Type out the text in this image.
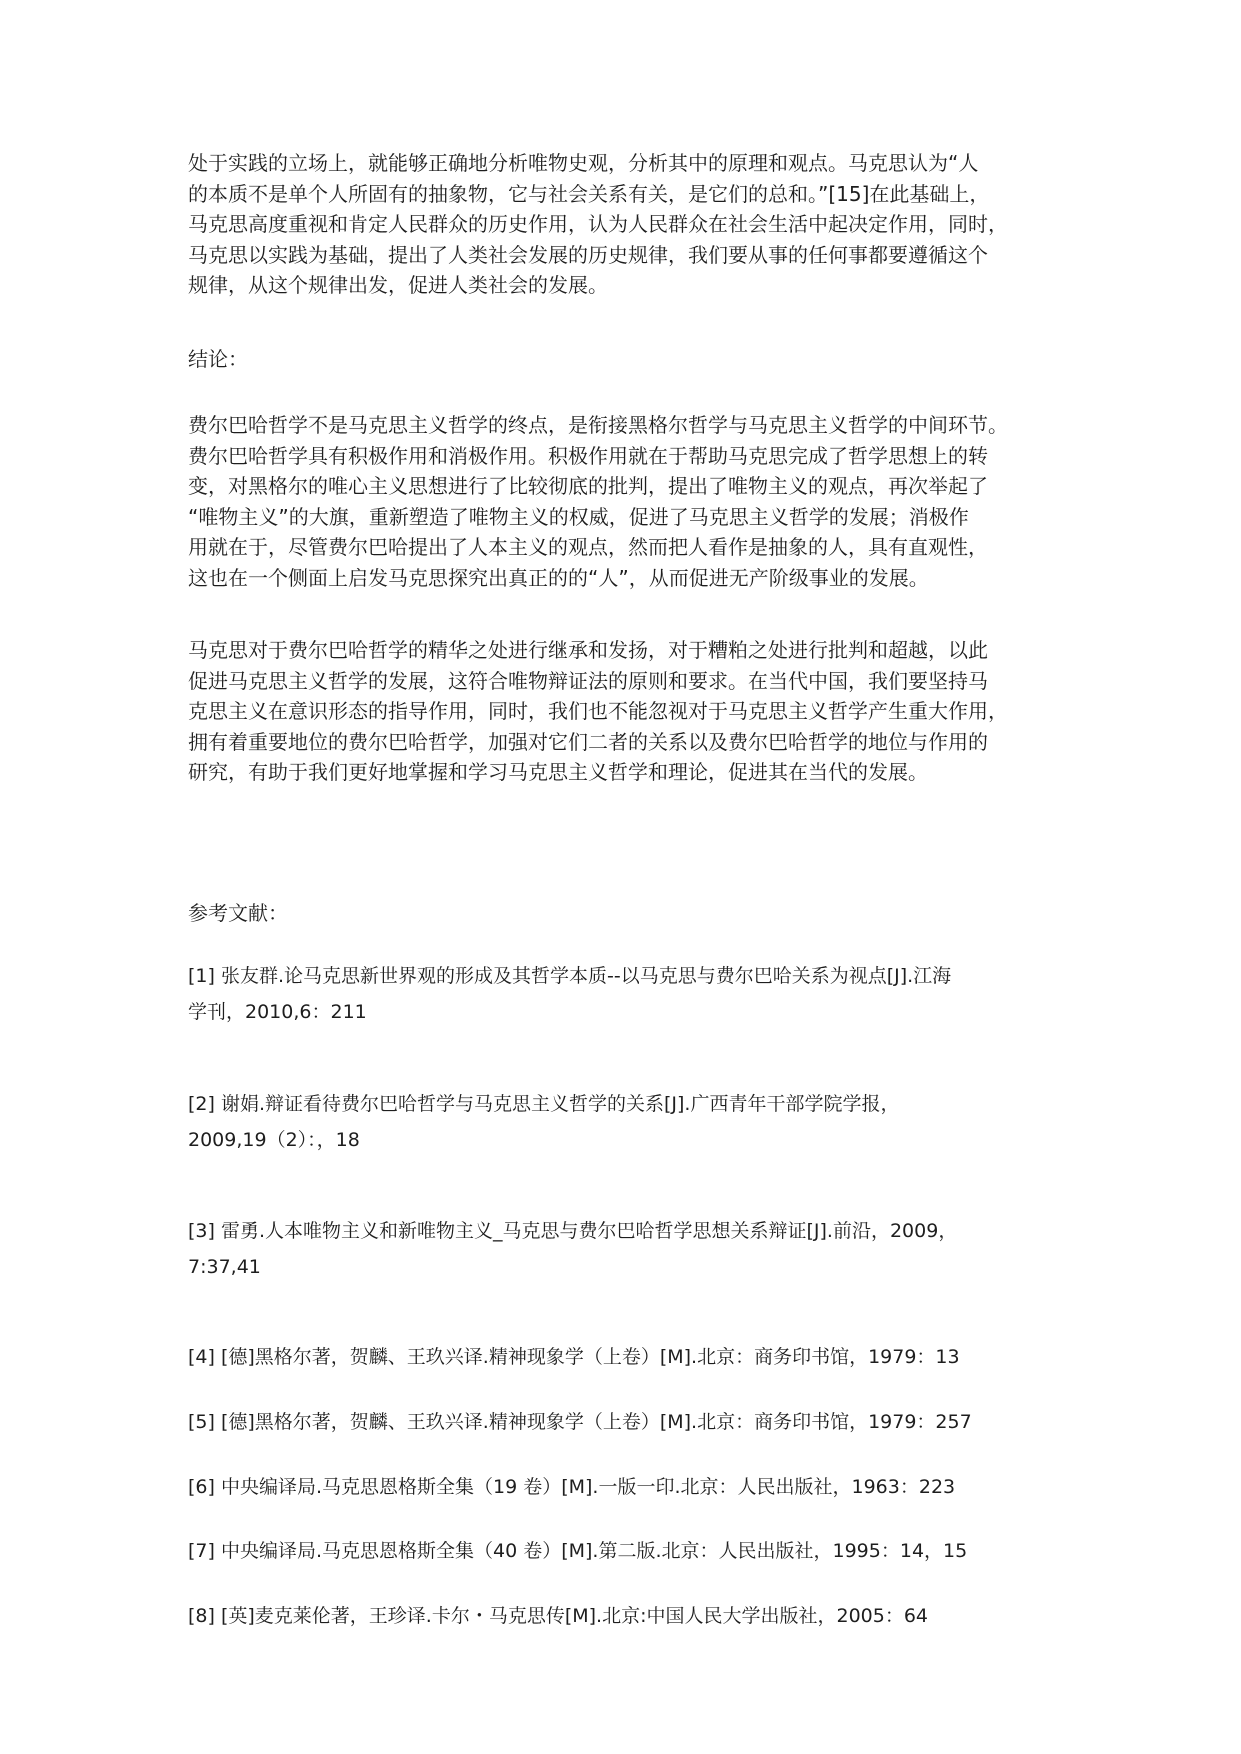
处于实践的立场上，就能够正确地分析唯物史观，分析其中的原理和观点。马克思认为“人
的本质不是单个人所固有的抽象物，它与社会关系有关，是它们的总和。”[15]在此基础上，
马克思高度重视和肯定人民群众的历史作用，认为人民群众在社会生活中起决定作用，同时，
马克思以实践为基础，提出了人类社会发展的历史规律，我们要从事的任何事都要遵循这个
规律，从这个规律出发，促进人类社会的发展。
结论：
费尔巴哈哲学不是马克思主义哲学的终点，是衔接黑格尔哲学与马克思主义哲学的中间环节。
费尔巴哈哲学具有积极作用和消极作用。积极作用就在于帮助马克思完成了哲学思想上的转
变，对黑格尔的唯心主义思想进行了比较彻底的批判，提出了唯物主义的观点，再次举起了
“唯物主义”的大旗，重新塑造了唯物主义的权威，促进了马克思主义哲学的发展；消极作
用就在于，尽管费尔巴哈提出了人本主义的观点，然而把人看作是抽象的人，具有直观性，
这也在一个侧面上启发马克思探究出真正的的“人”，从而促进无产阶级事业的发展。
马克思对于费尔巴哈哲学的精华之处进行继承和发扬，对于糟粕之处进行批判和超越，以此
促进马克思主义哲学的发展，这符合唯物辩证法的原则和要求。在当代中国，我们要坚持马
克思主义在意识形态的指导作用，同时，我们也不能忽视对于马克思主义哲学产生重大作用，
拥有着重要地位的费尔巴哈哲学，加强对它们二者的关系以及费尔巴哈哲学的地位与作用的
研究，有助于我们更好地掌握和学习马克思主义哲学和理论，促进其在当代的发展。
参考文献：
[1] 张友群.论马克思新世界观的形成及其哲学本质--以马克思与费尔巴哈关系为视点[J].江海
学刊，2010,6：211
[2] 谢娟.辩证看待费尔巴哈哲学与马克思主义哲学的关系[J].广西青年干部学院学报，
2009,19（2）：，18
[3] 雷勇.人本唯物主义和新唯物主义_马克思与费尔巴哈哲学思想关系辩证[J].前沿，2009，
7:37,41
[4] [德]黑格尔著，贺麟、王玖兴译.精神现象学（上卷）[M].北京：商务印书馆，1979：13
[5] [德]黑格尔著，贺麟、王玖兴译.精神现象学（上卷）[M].北京：商务印书馆，1979：257
[6] 中央编译局.马克思恩格斯全集（19 卷）[M].一版一印.北京：人民出版社，1963：223
[7] 中央编译局.马克思恩格斯全集（40 卷）[M].第二版.北京：人民出版社，1995：14，15
[8] [英]麦克莱伦著，王珍译.卡尔・马克思传[M].北京:中国人民大学出版社，2005：64
